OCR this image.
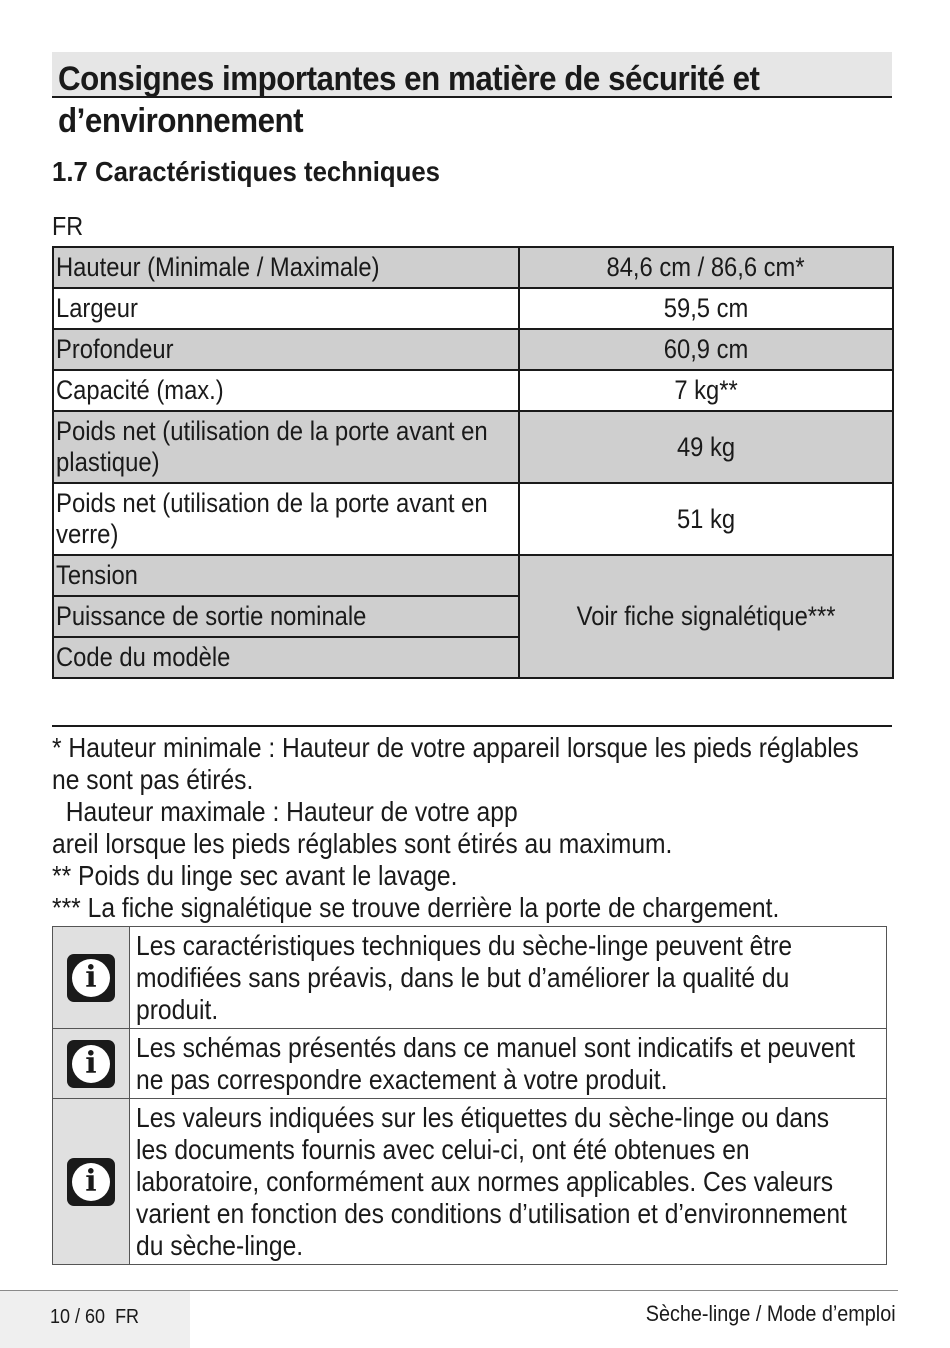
Consignes importantes en matière de sécurité et
d’environnement
1.7 Caractéristiques techniques
FR
Hauteur (Minimale / Maximale)	84,6 cm / 86,6 cm*
Largeur	59,5 cm
Profondeur	60,9 cm
Capacité (max.)	7 kg**

Poids net (utilisation de la porte avant en plastique)	49 kg

Poids net (utilisation de la porte avant en verre)	51 kg
Tension	Voir fiche signalétique***
Puissance de sortie nominale	
Code du modèle	

* Hauteur minimale : Hauteur de votre appareil lorsque les pieds réglables

ne sont pas étirés.

Hauteur maximale : Hauteur de votre app

areil lorsque les pieds réglables sont étirés au maximum.

** Poids du linge sec avant le lavage.

*** La fiche signalétique se trouve derrière la porte de chargement.

i	Les caractéristiques techniques du sèche-linge peuvent être modifiées sans préavis, dans le but d’améliorer la qualité du produit.

i	Les schémas présentés dans ce manuel sont indicatifs et peuvent ne pas correspondre exactement à votre produit.

i	Les valeurs indiquées sur les étiquettes du sèche-linge ou dans les documents fournis avec celui-ci, ont été obtenues en laboratoire, conformément aux normes applicables. Ces valeurs varient en fonction des conditions d’utilisation et d’environnement du sèche-linge.
10 / 60 FR	Sèche-linge / Mode d’emploi
